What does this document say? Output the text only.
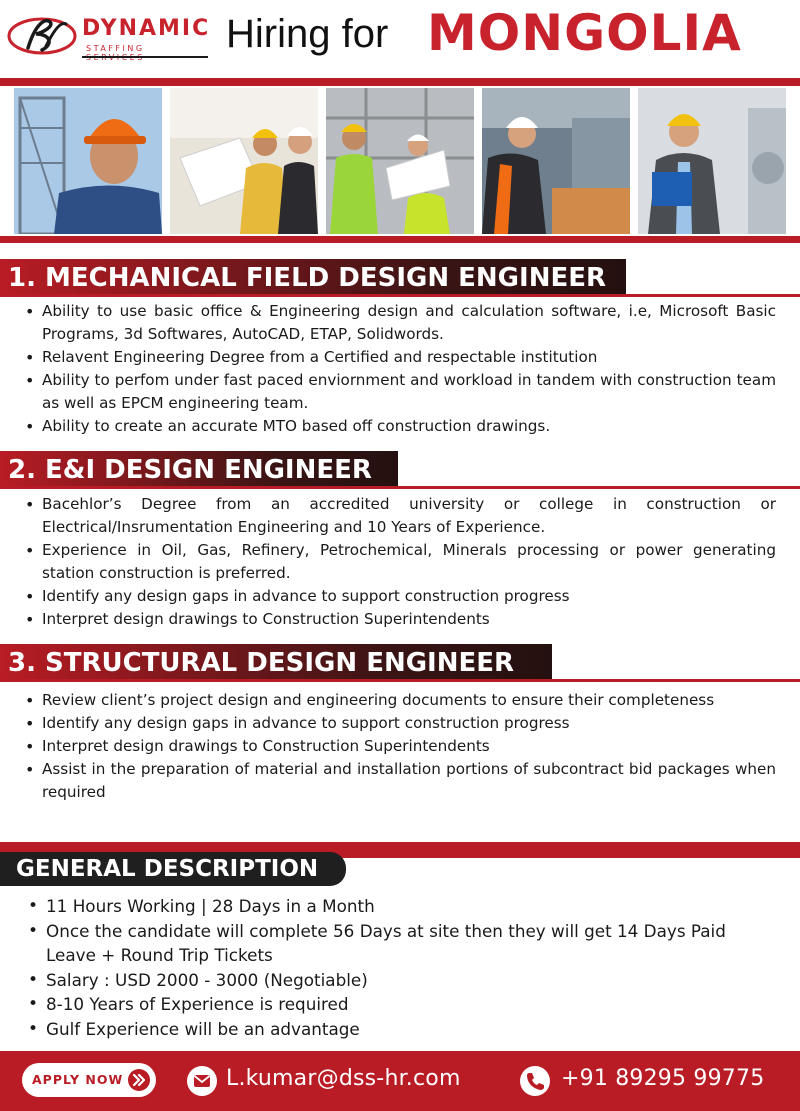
DYNAMIC
STAFFING	Hiring for MONGOLIA
1. MECHANICAL FIELD DESIGN ENGINEER
• Ability to use basic office & Engineering design and calculation software, i.e, Microsoft Basic Programs, 3d Softwares, AutoCAD, ETAP, Solidwords.
• Relavent Engineering Degree from a Certified and respectable institution
• Ability to perfom under fast paced enviornment and workload in tandem with construction team as well as EPCM engineering team.
• Ability to create an accurate MTO based off construction drawings.
2. E&I DESIGN ENGINEER
• Bacehlor’s Degree from an accredited university or college in construction or Electrical/Insrumentation Engineering and 10 Years of Experience.
• Experience in Oil, Gas, Refinery, Petrochemical, Minerals processing or power generating station construction is preferred.
• Identify any design gaps in advance to support construction progress
• Interpret design drawings to Construction Superintendents
3. STRUCTURAL DESIGN ENGINEER
• Review client’s project design and engineering documents to ensure their completeness
• Identify any design gaps in advance to support construction progress
• Interpret design drawings to Construction Superintendents
• Assist in the preparation of material and installation portions of subcontract bid packages when required
GENERAL DESCRIPTION
• 11 Hours Working | 28 Days in a Month
• Once the candidate will complete 56 Days at site then they will get 14 Days Paid Leave + Round Trip Tickets
• Salary : USD 2000 - 3000 (Negotiable)
• 8-10 Years of Experience is required
• Gulf Experience will be an advantage
APPLY NOW	L.kumar@dss-hr.com	+91 89295 99775
